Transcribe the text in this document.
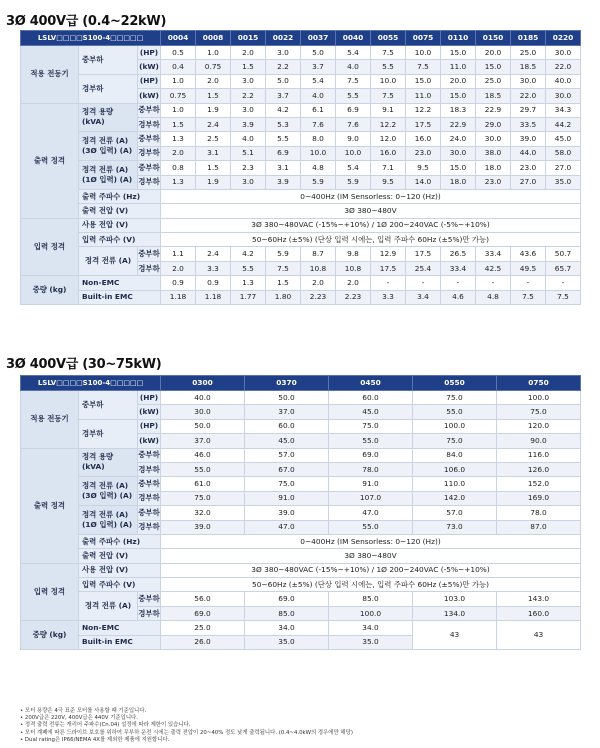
3Ø 400V급 (0.4~22kW)
LSLV□□□□S100-4□□□□□			0004	0008	0015	0022	0037	0040	0055	0075	0110	0150	0185	0220
적용 전동기	중부하	(HP)	0.5	1.0	2.0	3.0	5.0	5.4	7.5	10.0	15.0	20.0	25.0	30.0
		(kW)	0.4	0.75	1.5	2.2	3.7	4.0	5.5	7.5	11.0	15.0	18.5	22.0
	경부하	(HP)	1.0	2.0	3.0	5.0	5.4	7.5	10.0	15.0	20.0	25.0	30.0	40.0
		(kW)	0.75	1.5	2.2	3.7	4.0	5.5	7.5	11.0	15.0	18.5	22.0	30.0
출력 정격	정격 용량 (kVA)	중부하	1.0	1.9	3.0	4.2	6.1	6.9	9.1	12.2	18.3	22.9	29.7	34.3
		경부하	1.5	2.4	3.9	5.3	7.6	7.6	12.2	17.5	22.9	29.0	33.5	44.2
	정격 전류 (A) (3Ø 입력) (A)	중부하	1.3	2.5	4.0	5.5	8.0	9.0	12.0	16.0	24.0	30.0	39.0	45.0
		경부하	2.0	3.1	5.1	6.9	10.0	10.0	16.0	23.0	30.0	38.0	44.0	58.0
	정격 전류 (A) (1Ø 입력) (A)	중부하	0.8	1.5	2.3	3.1	4.8	5.4	7.1	9.5	15.0	18.0	23.0	27.0
		경부하	1.3	1.9	3.0	3.9	5.9	5.9	9.5	14.0	18.0	23.0	27.0	35.0
	출력 주파수 (Hz)		0~400Hz (IM Sensorless: 0~120 (Hz))											
	출력 전압 (V)		3Ø 380~480V											
입력 정격	사용 전압 (V)		3Ø 380~480VAC (-15%~+10%) / 1Ø 200~240VAC (-5%~+10%)											
	입력 주파수 (V)		50~60Hz (±5%) (단상 입력 시에는, 입력 주파수 60Hz (±5%)만 가능)											
	정격 전류 (A)	중부하	1.1	2.4	4.2	5.9	8.7	9.8	12.9	17.5	26.5	33.4	43.6	50.7
		경부하	2.0	3.3	5.5	7.5	10.8	10.8	17.5	25.4	33.4	42.5	49.5	65.7
중량 (kg)	Non-EMC		0.9	0.9	1.3	1.5	2.0	2.0	-	-	-	-	-	-
	Built-in EMC		1.18	1.18	1.77	1.80	2.23	2.23	3.3	3.4	4.6	4.8	7.5	7.5
3Ø 400V급 (30~75kW)
LSLV□□□□S100-4□□□□□			0300	0370	0450	0550	0750
적용 전동기	중부하	(HP)	40.0	50.0	60.0	75.0	100.0
		(kW)	30.0	37.0	45.0	55.0	75.0
	경부하	(HP)	50.0	60.0	75.0	100.0	120.0
		(kW)	37.0	45.0	55.0	75.0	90.0
출력 정격	정격 용량 (kVA)	중부하	46.0	57.0	69.0	84.0	116.0
		경부하	55.0	67.0	78.0	106.0	126.0
	정격 전류 (A) (3Ø 입력) (A)	중부하	61.0	75.0	91.0	110.0	152.0
		경부하	75.0	91.0	107.0	142.0	169.0
	정격 전류 (A) (1Ø 입력) (A)	중부하	32.0	39.0	47.0	57.0	78.0
		경부하	39.0	47.0	55.0	73.0	87.0
	출력 주파수 (Hz)		0~400Hz (IM Sensorless: 0~120 (Hz))				
	출력 전압 (V)		3Ø 380~480V				
입력 정격	사용 전압 (V)		3Ø 380~480VAC (-15%~+10%) / 1Ø 200~240VAC (-5%~+10%)				
	입력 주파수 (V)		50~60Hz (±5%) (단상 입력 시에는, 입력 주파수 60Hz (±5%)만 가능)				
	정격 전류 (A)	중부하	56.0	69.0	85.0	103.0	143.0
		경부하	69.0	85.0	100.0	134.0	160.0
중량 (kg)	Non-EMC		25.0	34.0	34.0	43	43
	Built-in EMC		26.0	35.0	35.0		
• 모터 용량은 4극 표준 모터를 사용할 때 기준입니다.
• 200V급은 220V, 400V급은 440V 기준입니다.
• 정격 출력 전류는 캐리어 주파수(Cn.04) 설정에 따라 제한이 있습니다.
• 모터 계폐에 따른 드라이브 보호를 위하여 무부하 운전 시에는 출력 전압이 20~40% 정도 낮게 출력됩니다. (0.4~4.0kW의 경우에만 해당)
• Dual rating은 IP66/NEMA 4X를 제외한 제품에 지원합니다.
